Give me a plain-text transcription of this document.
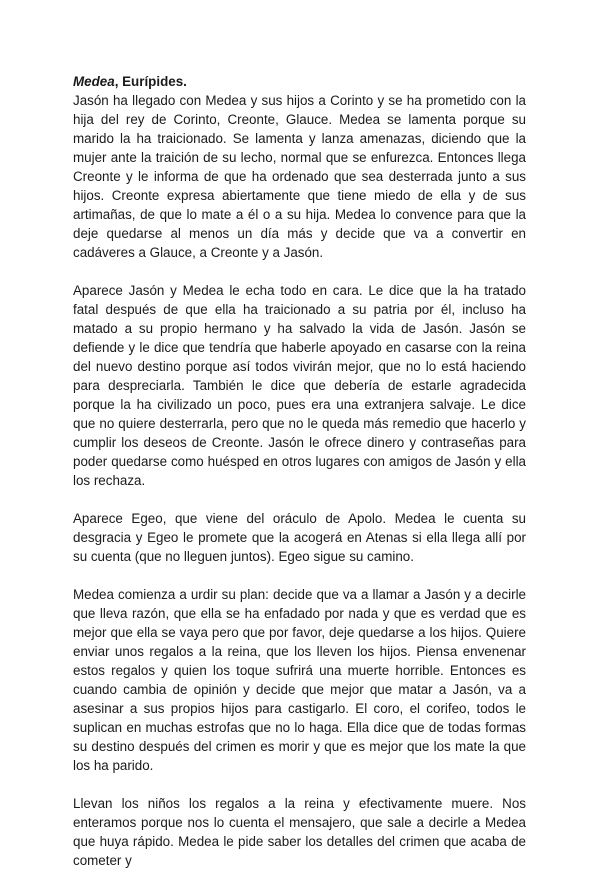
Medea, Eurípides.

Jasón ha llegado con Medea y sus hijos a Corinto y se ha prometido con la hija del rey de Corinto, Creonte, Glauce. Medea se lamenta porque su marido la ha traicionado. Se lamenta y lanza amenazas, diciendo que la mujer ante la traición de su lecho, normal que se enfurezca. Entonces llega Creonte y le informa de que ha ordenado que sea desterrada junto a sus hijos. Creonte expresa abiertamente que tiene miedo de ella y de sus artimañas, de que lo mate a él o a su hija. Medea lo convence para que la deje quedarse al menos un día más y decide que va a convertir en cadáveres a Glauce, a Creonte y a Jasón.

Aparece Jasón y Medea le echa todo en cara. Le dice que la ha tratado fatal después de que ella ha traicionado a su patria por él, incluso ha matado a su propio hermano y ha salvado la vida de Jasón. Jasón se defiende y le dice que tendría que haberle apoyado en casarse con la reina del nuevo destino porque así todos vivirán mejor, que no lo está haciendo para despreciarla. También le dice que debería de estarle agradecida porque la ha civilizado un poco, pues era una extranjera salvaje. Le dice que no quiere desterrarla, pero que no le queda más remedio que hacerlo y cumplir los deseos de Creonte. Jasón le ofrece dinero y contraseñas para poder quedarse como huésped en otros lugares con amigos de Jasón y ella los rechaza.

Aparece Egeo, que viene del oráculo de Apolo. Medea le cuenta su desgracia y Egeo le promete que la acogerá en Atenas si ella llega allí por su cuenta (que no lleguen juntos). Egeo sigue su camino.

Medea comienza a urdir su plan: decide que va a llamar a Jasón y a decirle que lleva razón, que ella se ha enfadado por nada y que es verdad que es mejor que ella se vaya pero que por favor, deje quedarse a los hijos. Quiere enviar unos regalos a la reina, que los lleven los hijos. Piensa envenenar estos regalos y quien los toque sufrirá una muerte horrible. Entonces es cuando cambia de opinión y decide que mejor que matar a Jasón, va a asesinar a sus propios hijos para castigarlo. El coro, el corifeo, todos le suplican en muchas estrofas que no lo haga. Ella dice que de todas formas su destino después del crimen es morir y que es mejor que los mate la que los ha parido.

Llevan los niños los regalos a la reina y efectivamente muere. Nos enteramos porque nos lo cuenta el mensajero, que sale a decirle a Medea que huya rápido. Medea le pide saber los detalles del crimen que acaba de cometer y
